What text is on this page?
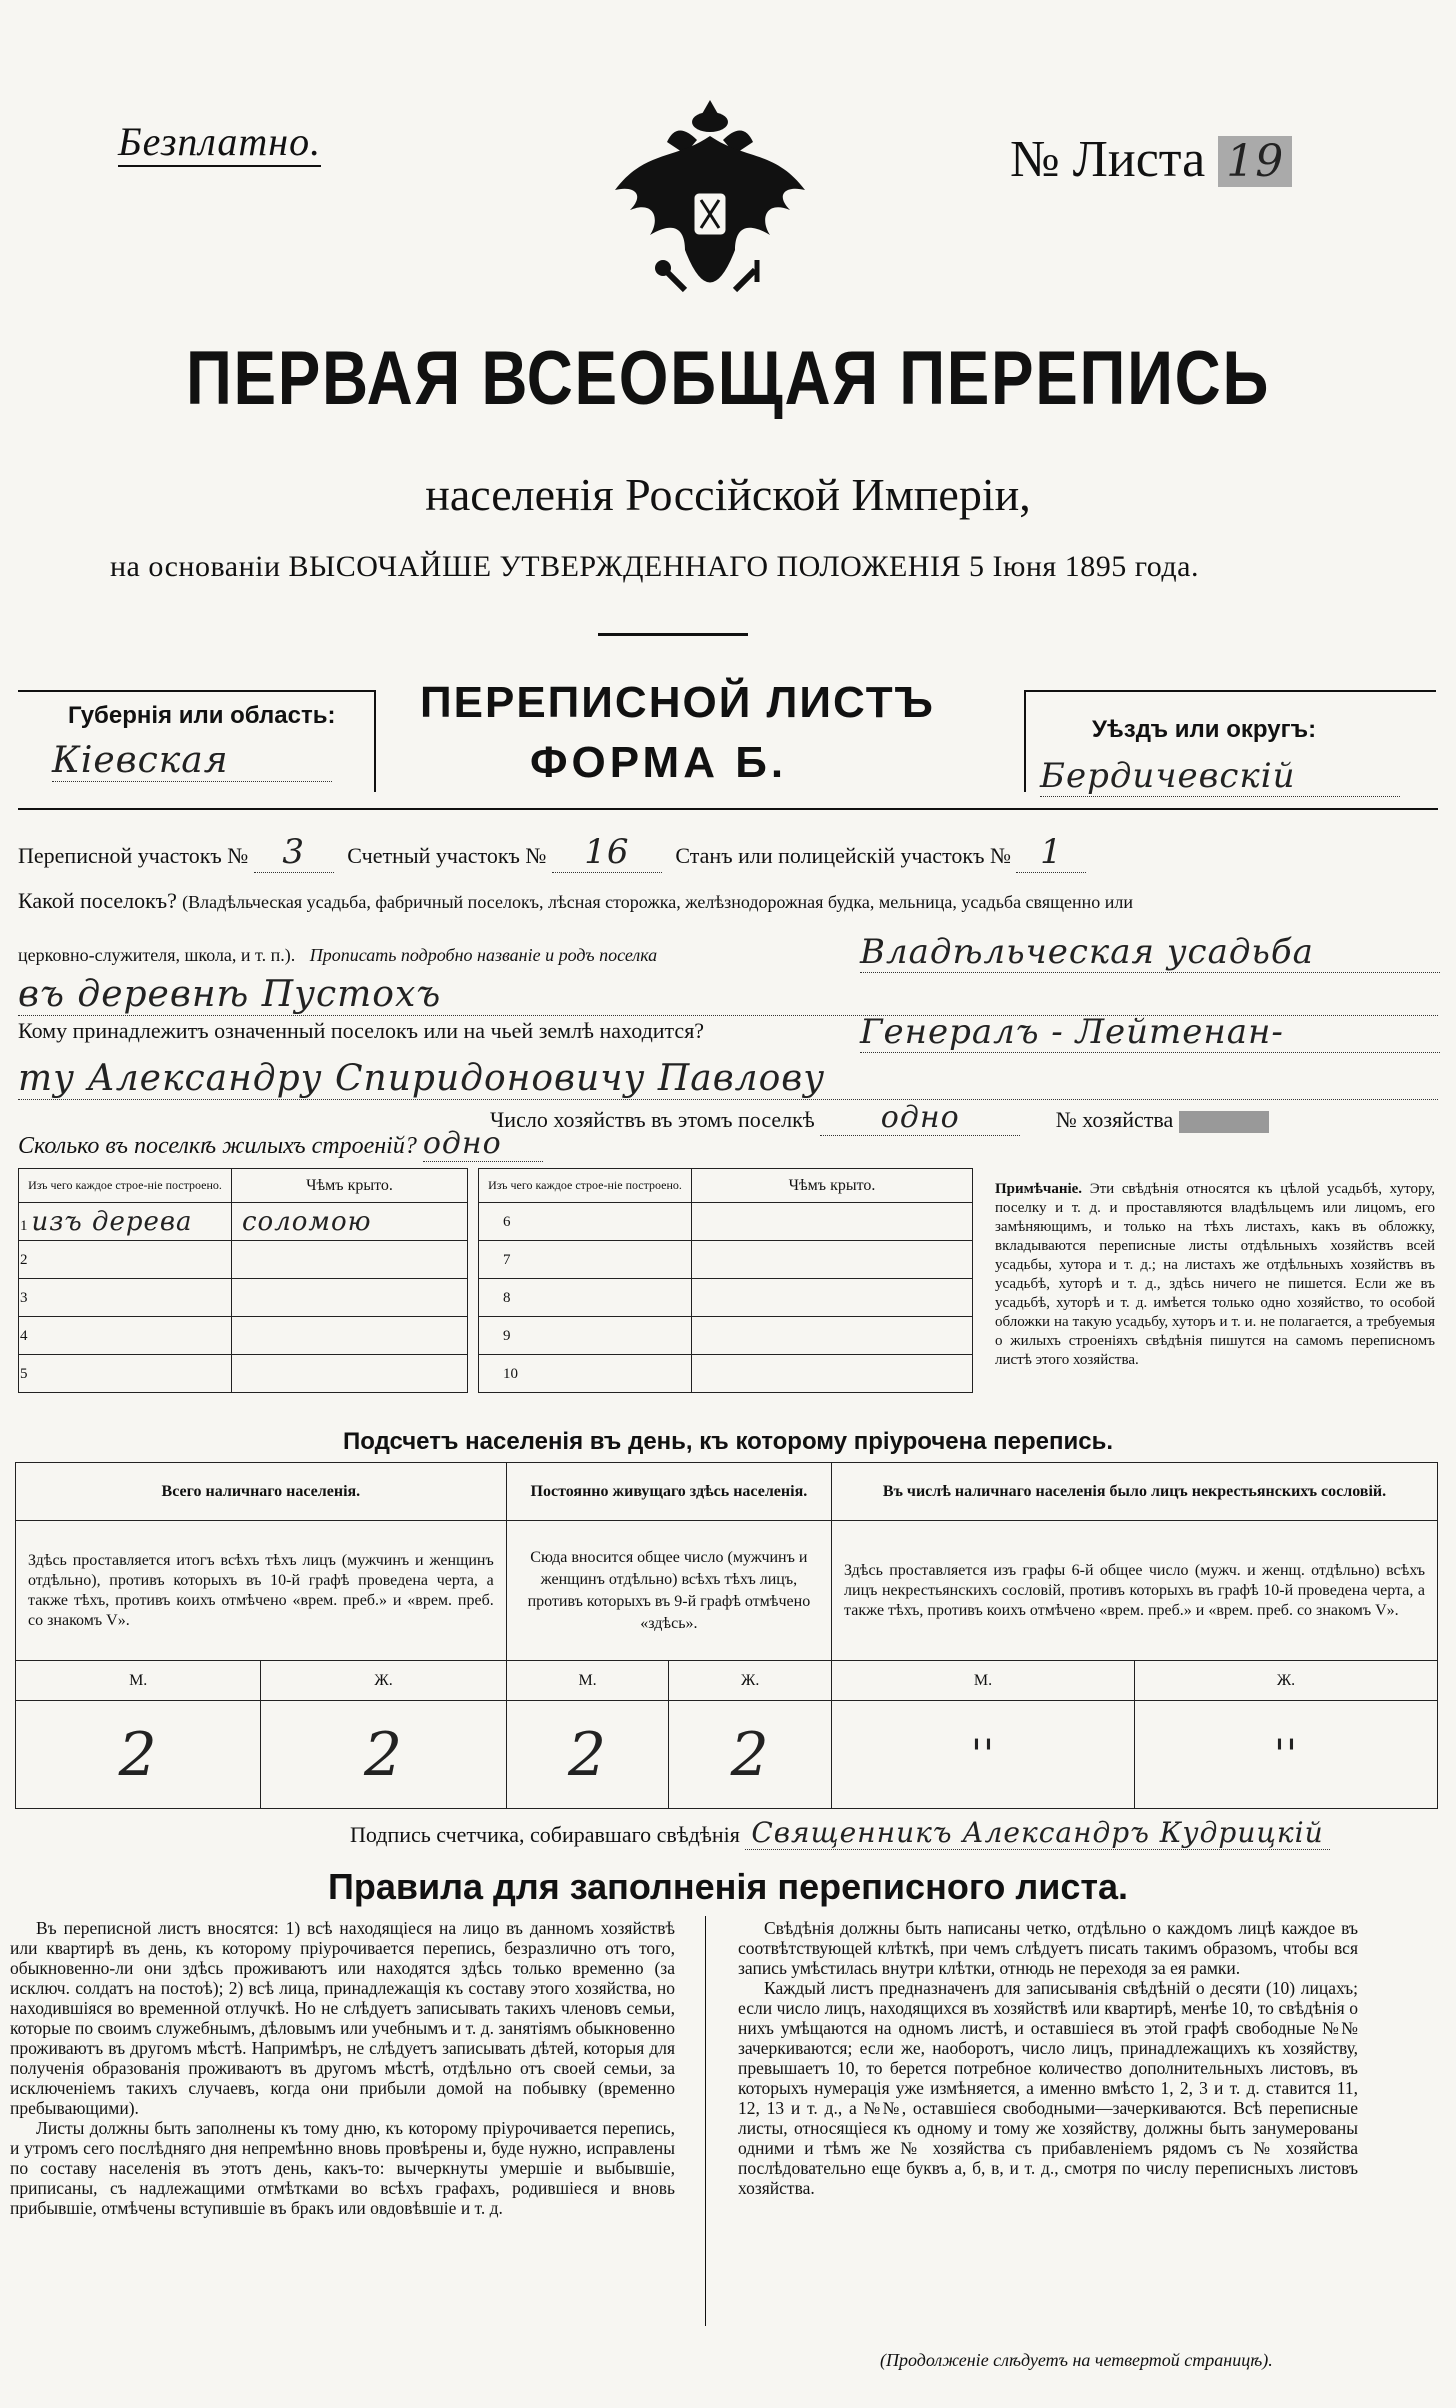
Безплатно.	№ Листа 19
ПЕРВАЯ ВСЕОБЩАЯ ПЕРЕПИСЬ
населенія Россійской Имперіи,
на основаніи ВЫСОЧАЙШЕ УТВЕРЖДЕННАГО ПОЛОЖЕНІЯ 5 Іюня 1895 года.
Губернія или область:
Кіевская
ПЕРЕПИСНОЙ ЛИСТЪ
ФОРМА Б.
Уѣздъ или округъ:
Бердичевскій
Переписной участокъ № 3 Счетный участокъ № 16 Станъ или полицейскій участокъ № 1
Какой поселокъ? (Владѣльческая усадьба, фабричный поселокъ, лѣсная сторожка, желѣзнодорожная будка, мельница, усадьба священно или
церковно-служителя, школа, и т. п.). Прописать подробно названіе и родъ поселка	Владѣльческая усадьба
въ деревнѣ Пустохъ
Кому принадлежитъ означенный поселокъ или на чьей землѣ находится?	Генералъ - Лейтенан-
ту Александру Спиридоновичу Павлову
Число хозяйствъ въ этомъ поселкѣ одно	№ хозяйства
Сколько въ поселкѣ жилыхъ строеній? одно
Изъ чего каждое строе-ніе построено.	Чѣмъ крыто.
1 изъ дерева	соломою
2	
3	
4	
5	
Изъ чего каждое строе-ніе построено.	Чѣмъ крыто.
6	
7	
8	
9	
10	
Примѣчаніе. Эти свѣдѣнія относятся къ цѣлой усадьбѣ, хутору, поселку и т. д. и проставляются владѣльцемъ или лицомъ, его замѣняющимъ, и только на тѣхъ листахъ, какъ въ обложку, вкладываются переписные листы отдѣльныхъ хозяйствъ всей усадьбы, хутора и т. д.; на листахъ же отдѣльныхъ хозяйствъ въ усадьбѣ, хуторѣ и т. д., здѣсь ничего не пишется. Если же въ усадьбѣ, хуторѣ и т. д. имѣется только одно хозяйство, то особой обложки на такую усадьбу, хуторъ и т. и. не полагается, а требуемыя о жилыхъ строеніяхъ свѣдѣнія пишутся на самомъ переписномъ листѣ этого хозяйства.
Подсчетъ населенія въ день, къ которому пріурочена перепись.
Всего наличнаго населенія.		Постоянно живущаго здѣсь населенія.		Въ числѣ наличнаго населенія было лицъ некрестьянскихъ сословій.	
Здѣсь проставляется итогъ всѣхъ тѣхъ лицъ (мужчинъ и женщинъ отдѣльно), противъ которыхъ въ 10-й графѣ проведена черта, а также тѣхъ, противъ коихъ отмѣчено «врем. преб.» и «врем. преб. со знакомъ V».		Сюда вносится общее число (мужчинъ и женщинъ отдѣльно) всѣхъ тѣхъ лицъ, противъ которыхъ въ 9-й графѣ отмѣчено «здѣсь».		Здѣсь проставляется изъ графы 6-й общее число (мужч. и женщ. отдѣльно) всѣхъ лицъ некрестьянскихъ сословій, противъ которыхъ въ графѣ 10-й проведена черта, а также тѣхъ, противъ коихъ отмѣчено «врем. преб.» и «врем. преб. со знакомъ V».	
М.	Ж.	М.	Ж.	М.	Ж.
2	2	2	2	''	''
Подпись счетчика, собиравшаго свѣдѣнія Священникъ Александръ Кудрицкій
Правила для заполненія переписного листа.

Въ переписной листъ вносятся: 1) всѣ находящіеся на лицо въ данномъ хозяйствѣ или квартирѣ въ день, къ которому пріурочивается перепись, безразлично отъ того, обыкновенно-ли они здѣсь проживаютъ или находятся здѣсь только временно (за исключ. солдатъ на постоѣ); 2) всѣ лица, принадлежащія къ составу этого хозяйства, но находившіяся во временной отлучкѣ. Но не слѣдуетъ записывать такихъ членовъ семьи, которые по своимъ служебнымъ, дѣловымъ или учебнымъ и т. д. занятіямъ обыкновенно проживаютъ въ другомъ мѣстѣ. Напримѣръ, не слѣдуетъ записывать дѣтей, которыя для полученія образованія проживаютъ въ другомъ мѣстѣ, отдѣльно отъ своей семьи, за исключеніемъ такихъ случаевъ, когда они прибыли домой на побывку (временно пребывающими).

Листы должны быть заполнены къ тому дню, къ которому пріурочивается перепись, и утромъ сего послѣдняго дня непремѣнно вновь провѣрены и, буде нужно, исправлены по составу населенія въ этотъ день, какъ-то: вычеркнуты умершіе и выбывшіе, приписаны, съ надлежащими отмѣтками во всѣхъ графахъ, родившіеся и вновь прибывшіе, отмѣчены вступившіе въ бракъ или овдовѣвшіе и т. д.

Свѣдѣнія должны быть написаны четко, отдѣльно о каждомъ лицѣ каждое въ соотвѣтствующей клѣткѣ, при чемъ слѣдуетъ писать такимъ образомъ, чтобы вся запись умѣстилась внутри клѣтки, отнюдь не переходя за ея рамки.

Каждый листъ предназначенъ для записыванія свѣдѣній о десяти (10) лицахъ; если число лицъ, находящихся въ хозяйствѣ или квартирѣ, менѣе 10, то свѣдѣнія о нихъ умѣщаются на одномъ листѣ, и оставшіеся въ этой графѣ свободные №№ зачеркиваются; если же, наоборотъ, число лицъ, принадлежащихъ къ хозяйству, превышаетъ 10, то берется потребное количество дополнительныхъ листовъ, въ которыхъ нумерація уже измѣняется, а именно вмѣсто 1, 2, 3 и т. д. ставится 11, 12, 13 и т. д., а №№, оставшіеся свободными—зачеркиваются. Всѣ переписные листы, относящіеся къ одному и тому же хозяйству, должны быть занумерованы одними и тѣмъ же № хозяйства съ прибавленіемъ рядомъ съ № хозяйства послѣдовательно еще буквъ а, б, в, и т. д., смотря по числу переписныхъ листовъ хозяйства.

(Продолженіе слѣдуетъ на четвертой страницѣ).
